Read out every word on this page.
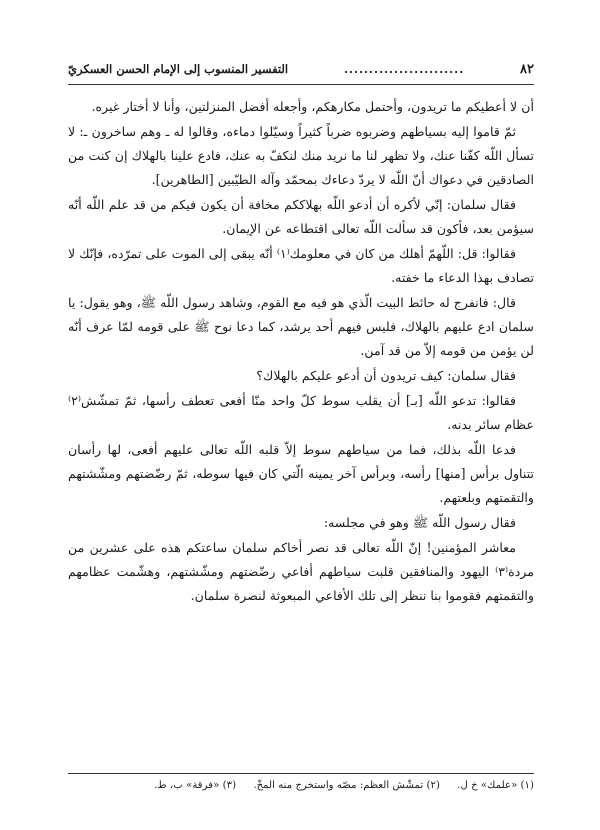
٨٢
........................
التفسير المنسوب إلى الإمام الحسن العسكريّ

أن لا أعطيكم ما تريدون، وأحتمل مكارهكم، وأجعله أفضل المنزلتين، وأنا لا أختار غيره.

ثمّ قاموا إليه بسياطهم وضربوه ضرباً كثيراً وسيّلوا دماءه، وقالوا له ـ وهم ساخرون ـ: لا تسأل اللّه كفّنا عنك، ولا تظهر لنا ما نريد منك لنكفّ به عنك، فادع علينا بالهلاك إن كنت من الصادقين في دعواك أنّ اللّه لا يردّ دعاءك بمحمّد وآله الطيّبين [الطاهرين].

فقال سلمان: إنّي لأكره أن أدعو اللّه بهلاككم مخافة أن يكون فيكم من قد علم اللّه أنّه سيؤمن بعد، فأكون قد سألت اللّه تعالى اقتطاعه عن الإيمان.

فقالوا: قل: اللّهمّ أهلك من كان في معلومك⁽١⁾ أنّه يبقى إلى الموت على تمرّده، فإنّك لا تصادف بهذا الدعاء ما خفته.

قال: فانفرج له حائط البيت الّذي هو فيه مع القوم، وشاهد رسول اللّه ﷺ، وهو يقول: يا سلمان ادع عليهم بالهلاك، فليس فيهم أحد يرشد، كما دعا نوح ﷺ على قومه لمّا عرف أنّه لن يؤمن من قومه إلاّ من قد آمن.

فقال سلمان: كيف تريدون أن أدعو عليكم بالهلاك؟

فقالوا: تدعو اللّه [بـ] أن يقلب سوط كلّ واحد منّا أفعى تعطف رأسها، ثمّ تمشّش⁽٢⁾ عظام سائر بدنه.

فدعا اللّه بذلك، فما من سياطهم سوط إلاّ قلبه اللّه تعالى عليهم أفعى، لها رأسان تتناول برأس [منها] رأسه، وبرأس آخر يمينه الّتي كان فيها سوطه، ثمّ رضّضتهم ومشّشتهم والتقمتهم وبلعتهم.

فقال رسول اللّه ﷺ وهو في مجلسه:

معاشر المؤمنين! إنّ اللّه تعالى قد نصر أخاكم سلمان ساعتكم هذه على عشرين من مردة⁽٣⁾ اليهود والمنافقين قلبت سياطهم أفاعي رضّضتهم ومشّشتهم، وهشّمت عظامهم والتقمتهم فقوموا بنا ننظر إلى تلك الأفاعي المبعوثة لنصرة سلمان.

(١) «علمك» خ ل. (٢) تمشّش العظم: مصّه واستخرج منه المخّ. (٣) «فرقة» ب، ط.
